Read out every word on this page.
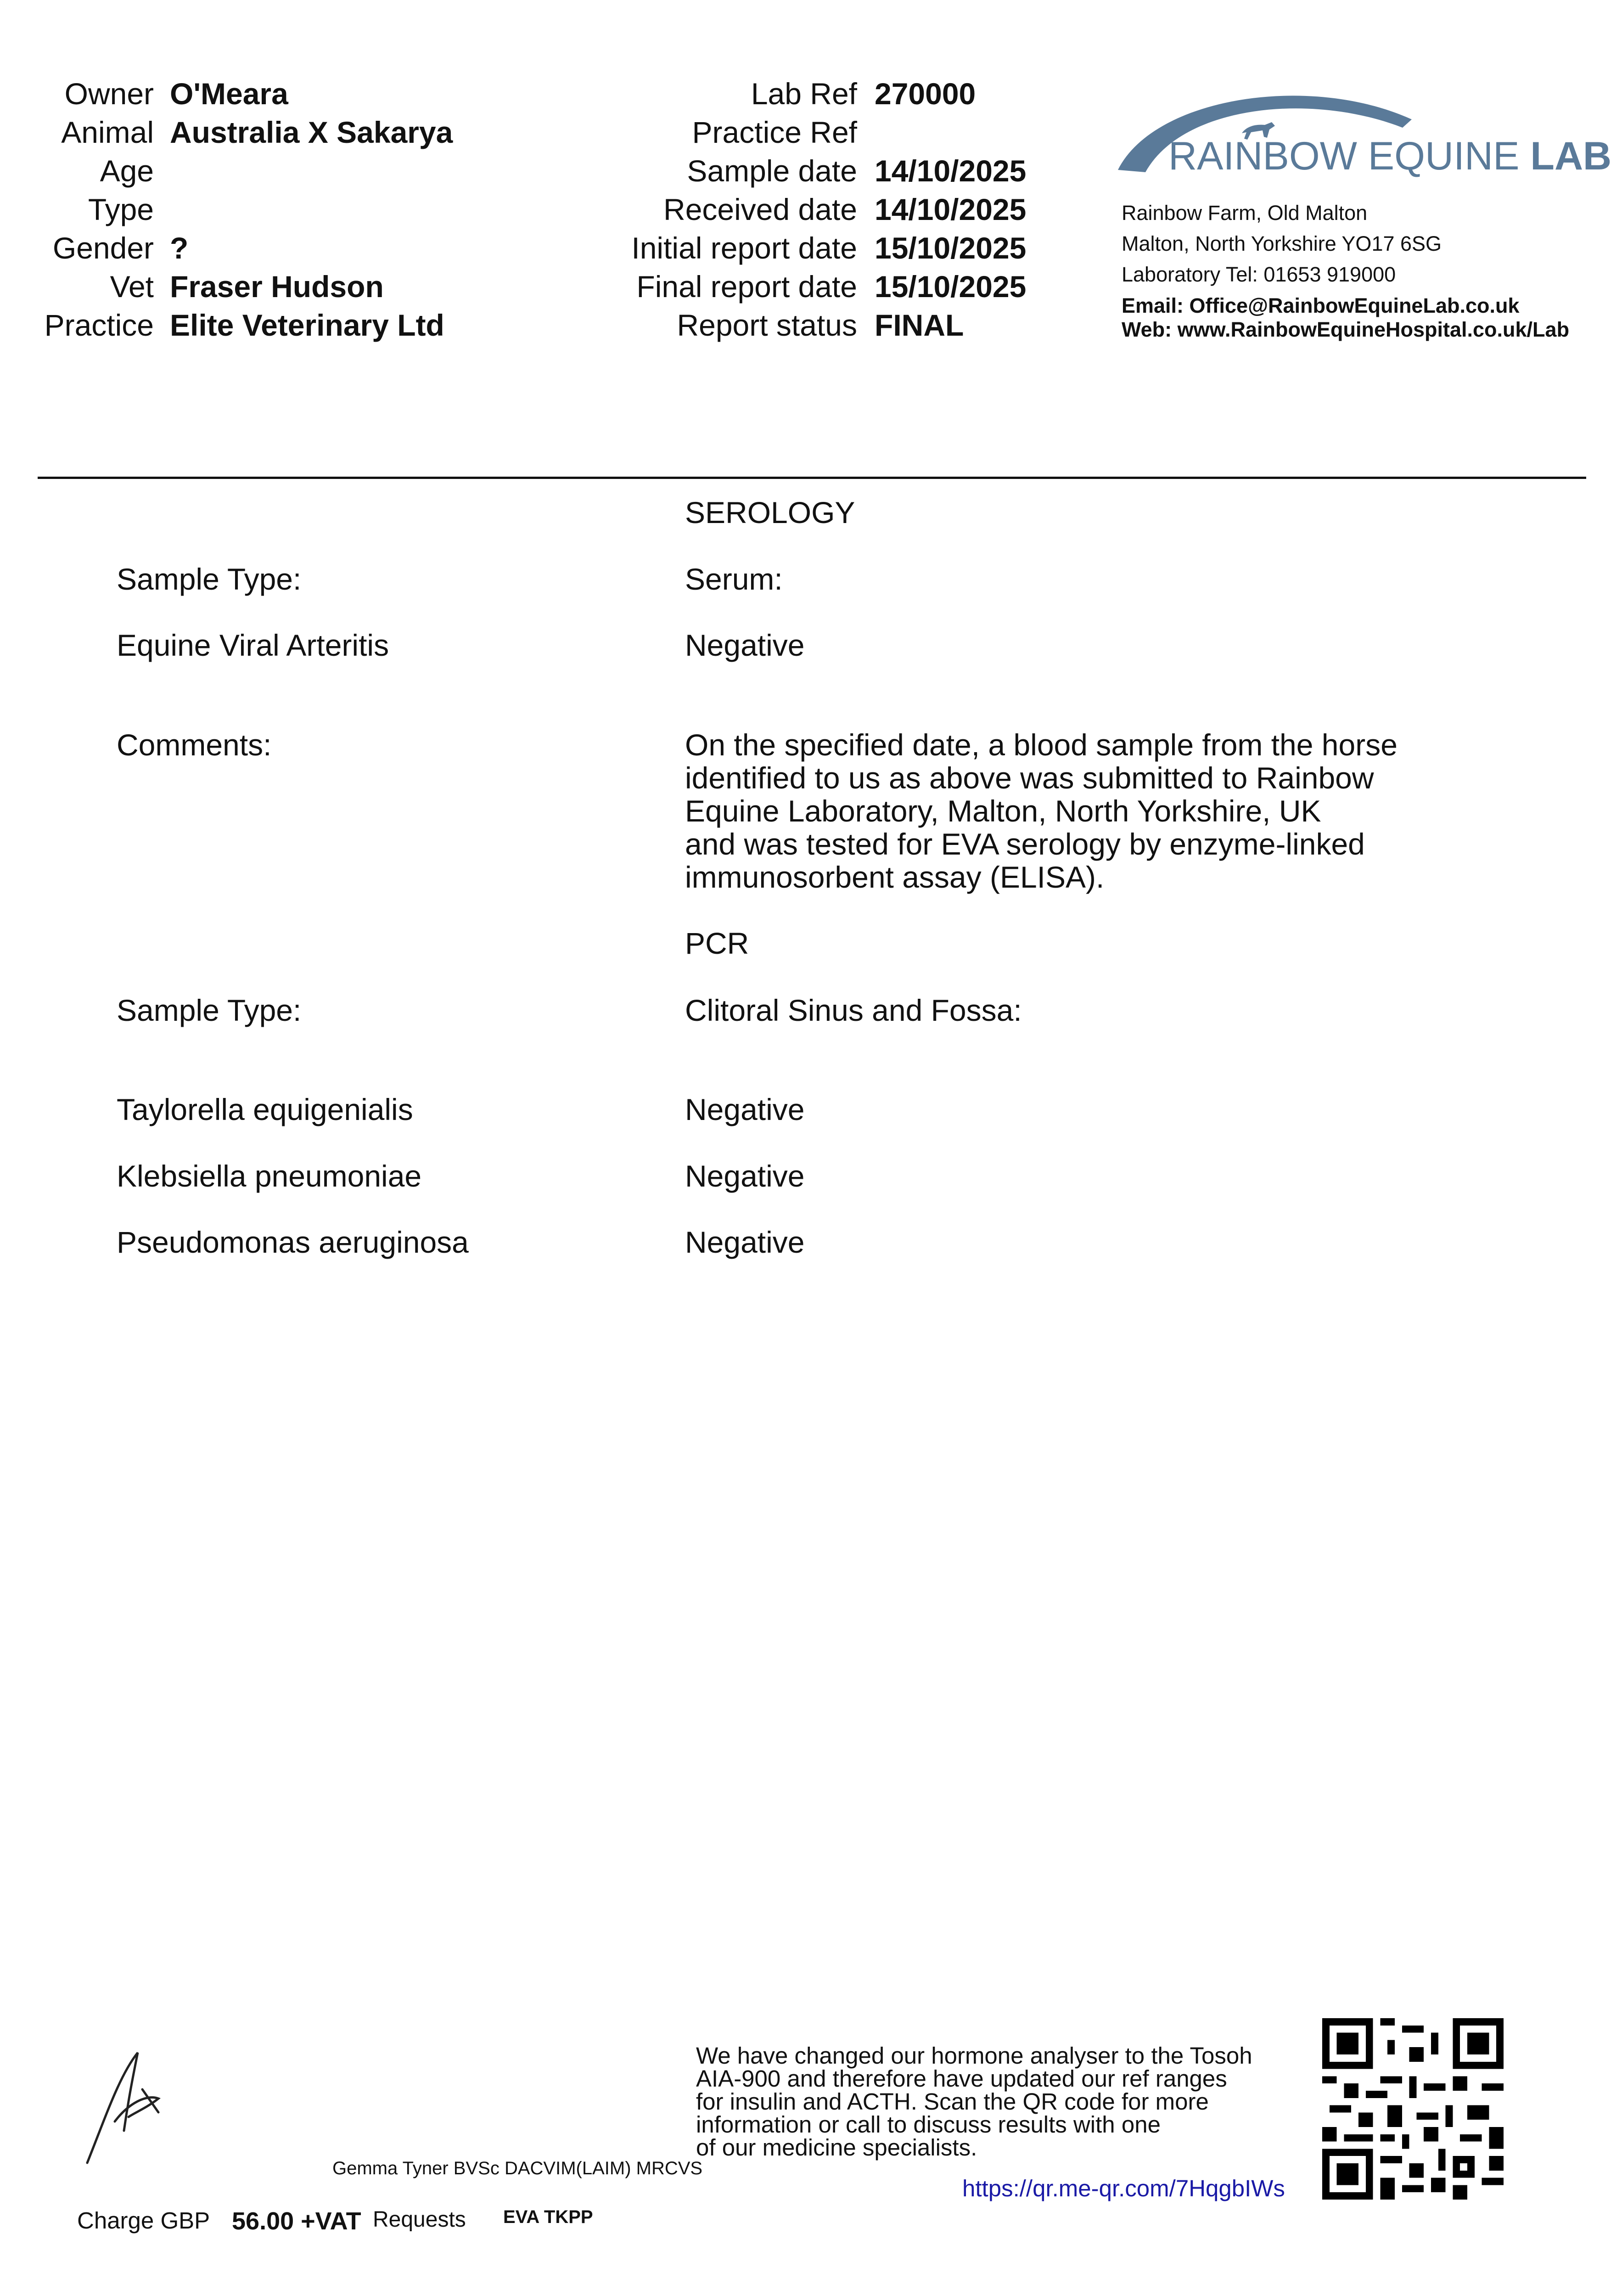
Owner O'Meara
Animal Australia X Sakarya
Age
Type
Gender ?
Vet Fraser Hudson
Practice Elite Veterinary Ltd
Lab Ref 270000
Practice Ref
Sample date 14/10/2025
Received date 14/10/2025
Initial report date 15/10/2025
Final report date 15/10/2025
Report status FINAL
RAINBOW EQUINE LAB
Rainbow Farm, Old Malton
Malton, North Yorkshire YO17 6SG
Laboratory Tel: 01653 919000
Email: Office@RainbowEquineLab.co.uk
Web: www.RainbowEquineHospital.co.uk/Lab
SEROLOGY
Sample Type:	Serum:
Equine Viral Arteritis	Negative
Comments:	On the specified date, a blood sample from the horse
identified to us as above was submitted to Rainbow
Equine Laboratory, Malton, North Yorkshire, UK
and was tested for EVA serology by enzyme-linked
immunosorbent assay (ELISA).
PCR
Sample Type:	Clitoral Sinus and Fossa:
Taylorella equigenialis	Negative
Klebsiella pneumoniae	Negative
Pseudomonas aeruginosa	Negative
Gemma Tyner BVSc DACVIM(LAIM) MRCVS
We have changed our hormone analyser to the Tosoh
AIA-900 and therefore have updated our ref ranges
for insulin and ACTH. Scan the QR code for more
information or call to discuss results with one
of our medicine specialists.
https://qr.me-qr.com/7HqgbIWs
Charge GBP 56.00 +VAT Requests EVA TKPP
